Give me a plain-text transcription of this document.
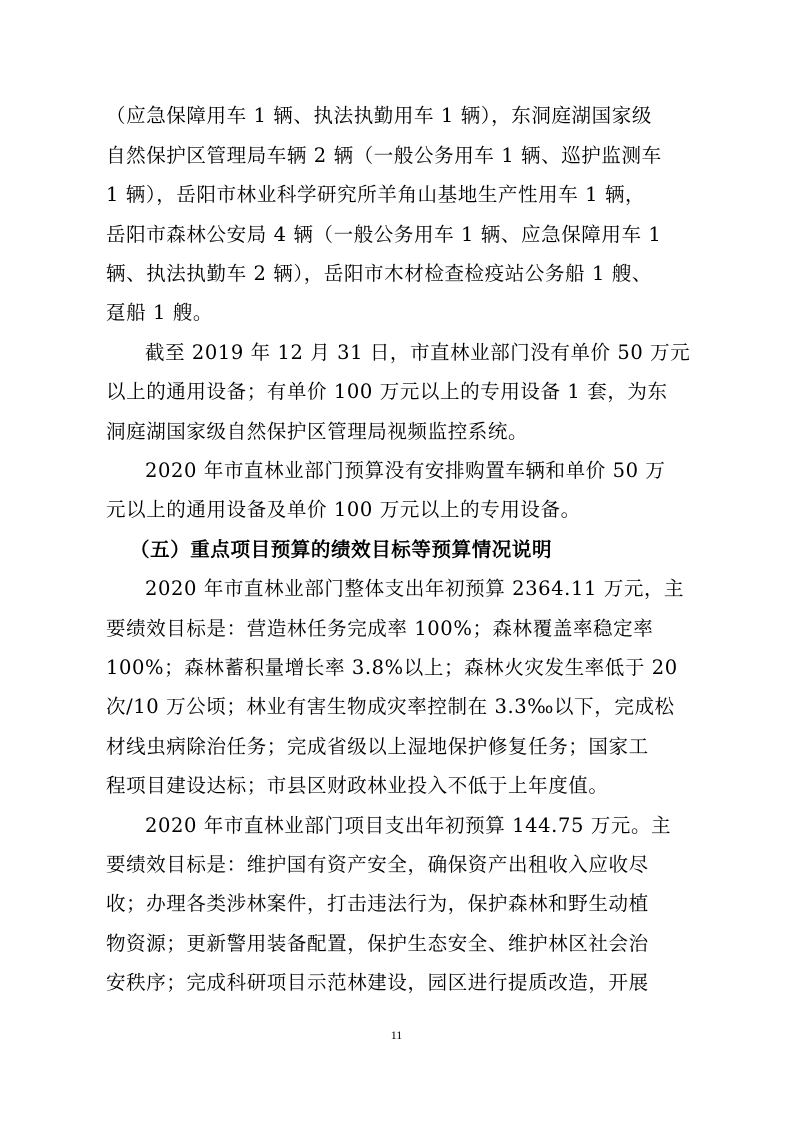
（应急保障用车 1 辆、执法执勤用车 1 辆），东洞庭湖国家级
自然保护区管理局车辆 2 辆（一般公务用车 1 辆、巡护监测车
1 辆），岳阳市林业科学研究所羊角山基地生产性用车 1 辆，
岳阳市森林公安局 4 辆（一般公务用车 1 辆、应急保障用车 1
辆、执法执勤车 2 辆），岳阳市木材检查检疫站公务船 1 艘、
趸船 1 艘。
截至 2019 年 12 月 31 日，市直林业部门没有单价 50 万元
以上的通用设备；有单价 100 万元以上的专用设备 1 套，为东
洞庭湖国家级自然保护区管理局视频监控系统。
2020 年市直林业部门预算没有安排购置车辆和单价 50 万
元以上的通用设备及单价 100 万元以上的专用设备。
（五）重点项目预算的绩效目标等预算情况说明
2020 年市直林业部门整体支出年初预算 2364.11 万元，主
要绩效目标是：营造林任务完成率 100%；森林覆盖率稳定率
100%；森林蓄积量增长率 3.8%以上；森林火灾发生率低于 20
次/10 万公顷；林业有害生物成灾率控制在 3.3‰以下，完成松
材线虫病除治任务；完成省级以上湿地保护修复任务；国家工
程项目建设达标；市县区财政林业投入不低于上年度值。
2020 年市直林业部门项目支出年初预算 144.75 万元。主
要绩效目标是：维护国有资产安全，确保资产出租收入应收尽
收；办理各类涉林案件，打击违法行为，保护森林和野生动植
物资源；更新警用装备配置，保护生态安全、维护林区社会治
安秩序；完成科研项目示范林建设，园区进行提质改造，开展
11
